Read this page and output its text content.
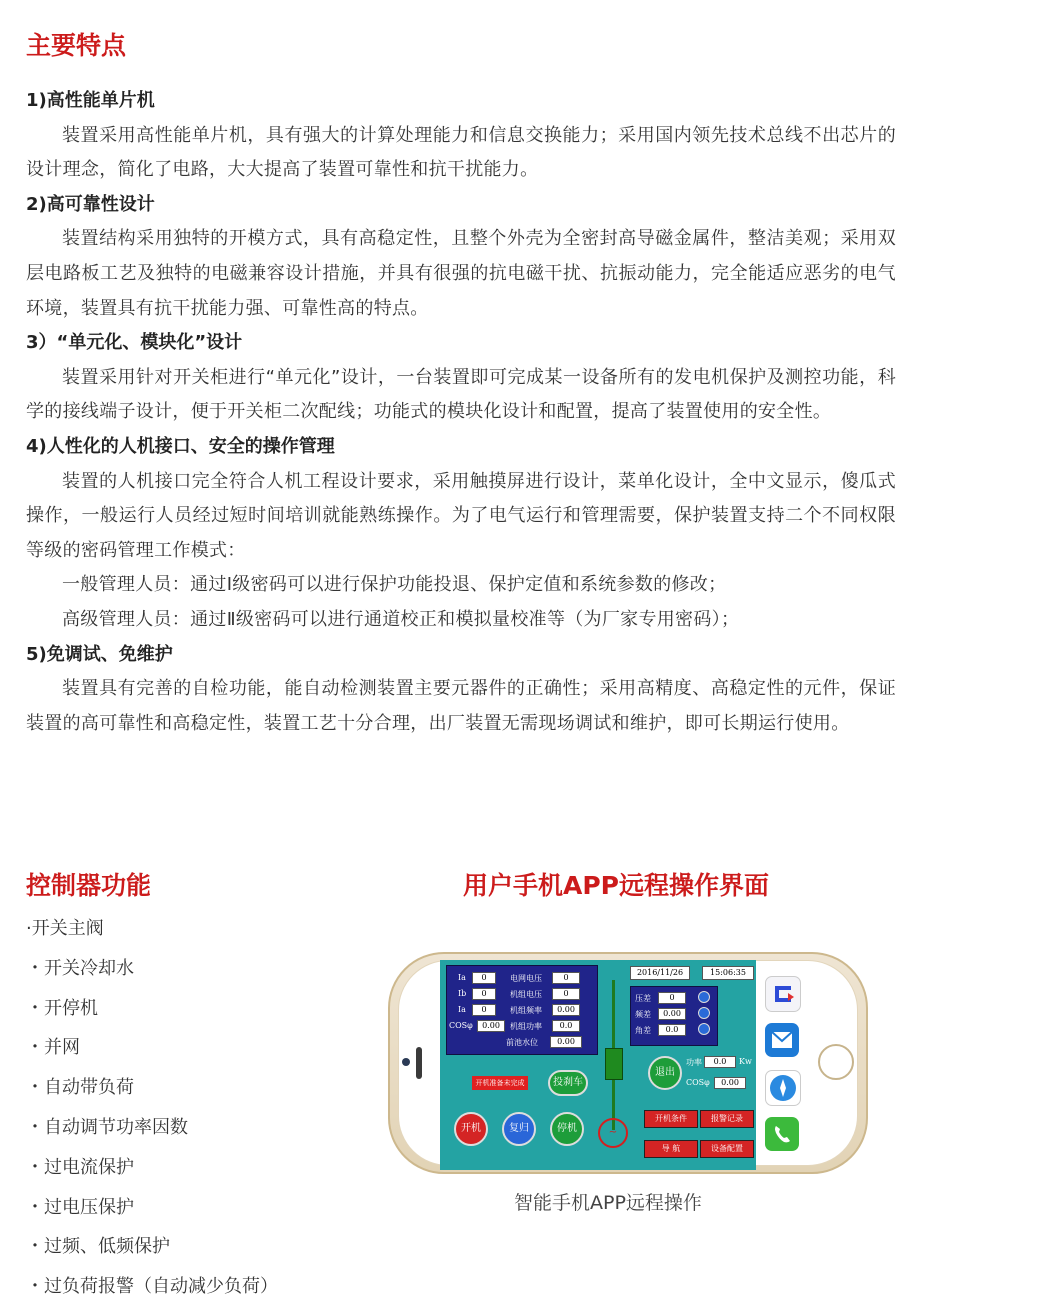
主要特点

1)高性能单片机

装置采用高性能单片机，具有强大的计算处理能力和信息交换能力；采用国内领先技术总线不出芯片的设计理念，简化了电路，大大提高了装置可靠性和抗干扰能力。

2)高可靠性设计

装置结构采用独特的开模方式，具有高稳定性，且整个外壳为全密封高导磁金属件，整洁美观；采用双层电路板工艺及独特的电磁兼容设计措施，并具有很强的抗电磁干扰、抗振动能力，完全能适应恶劣的电气环境，装置具有抗干扰能力强、可靠性高的特点。

3）“单元化、模块化”设计

装置采用针对开关柜进行“单元化”设计，一台装置即可完成某一设备所有的发电机保护及测控功能，科学的接线端子设计，便于开关柜二次配线；功能式的模块化设计和配置，提高了装置使用的安全性。

4)人性化的人机接口、安全的操作管理

装置的人机接口完全符合人机工程设计要求，采用触摸屏进行设计，菜单化设计，全中文显示，傻瓜式操作，一般运行人员经过短时间培训就能熟练操作。为了电气运行和管理需要，保护装置支持二个不同权限等级的密码管理工作模式：

一般管理人员：通过Ⅰ级密码可以进行保护功能投退、保护定值和系统参数的修改；

高级管理人员：通过Ⅱ级密码可以进行通道校正和模拟量校准等（为厂家专用密码）；

5)免调试、免维护

装置具有完善的自检功能，能自动检测装置主要元器件的正确性；采用高精度、高稳定性的元件，保证装置的高可靠性和高稳定性，装置工艺十分合理，出厂装置无需现场调试和维护，即可长期运行使用。

控制器功能
·开关主阀
・开关冷却水
・开停机
・并网
・自动带负荷
・自动调节功率因数
・过电流保护
・过电压保护
・过频、低频保护
・过负荷报警（自动减少负荷）
用户手机APP远程操作界面
Ia	0
Ib	0
Ia	0
COSφ	0.00
电网电压	0
机组电压	0
机组频率	0.00
机组功率	0.0
前池水位	0.00
2016/11/26	15:06:35
压差	0
频差	0.00
角差	0.0
~
开机准备未完成	投刹车
开机	复归	停机
退出
功率	0.0	Kw
COSφ	0.00
开机条件	报警记录
导 航	设备配置
智能手机APP远程操作
